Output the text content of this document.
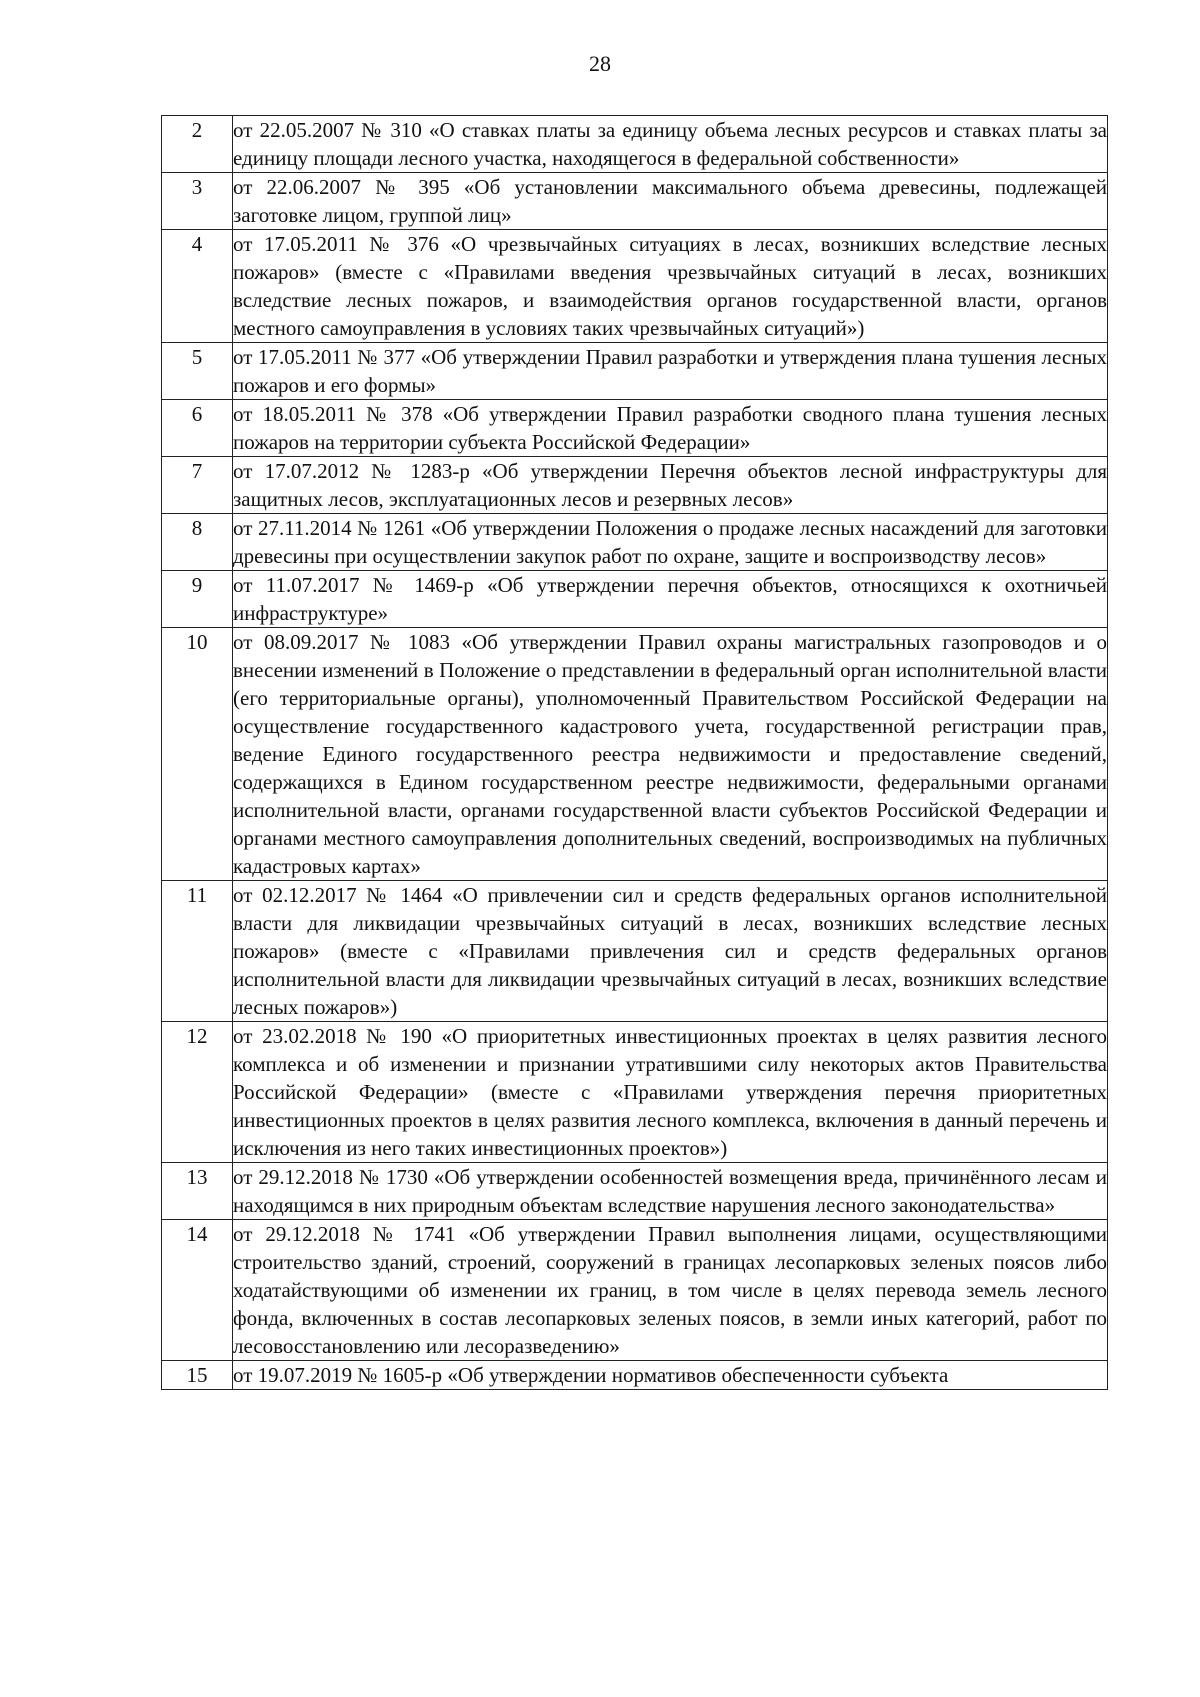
28
2	от 22.05.2007 № 310 «О ставках платы за единицу объема лесных ресурсов и ставках платы за единицу площади лесного участка, находящегося в федеральной собственности»
3	от 22.06.2007 № 395 «Об установлении максимального объема древесины, подлежащей заготовке лицом, группой лиц»
4	от 17.05.2011 № 376 «О чрезвычайных ситуациях в лесах, возникших вследствие лесных пожаров» (вместе с «Правилами введения чрезвычайных ситуаций в лесах, возникших вследствие лесных пожаров, и взаимодействия органов государственной власти, органов местного самоуправления в условиях таких чрезвычайных ситуаций»)
5	от 17.05.2011 № 377 «Об утверждении Правил разработки и утверждения плана тушения лесных пожаров и его формы»
6	от 18.05.2011 № 378 «Об утверждении Правил разработки сводного плана тушения лесных пожаров на территории субъекта Российской Федерации»
7	от 17.07.2012 № 1283-р «Об утверждении Перечня объектов лесной инфраструктуры для защитных лесов, эксплуатационных лесов и резервных лесов»
8	от 27.11.2014 № 1261 «Об утверждении Положения о продаже лесных насаждений для заготовки древесины при осуществлении закупок работ по охране, защите и воспроизводству лесов»
9	от 11.07.2017 № 1469-р «Об утверждении перечня объектов, относящихся к охотничьей инфраструктуре»
10	от 08.09.2017 № 1083 «Об утверждении Правил охраны магистральных газопроводов и о внесении изменений в Положение о представлении в федеральный орган исполнительной власти (его территориальные органы), уполномоченный Правительством Российской Федерации на осуществление государственного кадастрового учета, государственной регистрации прав, ведение Единого государственного реестра недвижимости и предоставление сведений, содержащихся в Едином государственном реестре недвижимости, федеральными органами исполнительной власти, органами государственной власти субъектов Российской Федерации и органами местного самоуправления дополнительных сведений, воспроизводимых на публичных кадастровых картах»
11	от 02.12.2017 № 1464 «О привлечении сил и средств федеральных органов исполнительной власти для ликвидации чрезвычайных ситуаций в лесах, возникших вследствие лесных пожаров» (вместе с «Правилами привлечения сил и средств федеральных органов исполнительной власти для ликвидации чрезвычайных ситуаций в лесах, возникших вследствие лесных пожаров»)
12	от 23.02.2018 № 190 «О приоритетных инвестиционных проектах в целях развития лесного комплекса и об изменении и признании утратившими силу некоторых актов Правительства Российской Федерации» (вместе с «Правилами утверждения перечня приоритетных инвестиционных проектов в целях развития лесного комплекса, включения в данный перечень и исключения из него таких инвестиционных проектов»)
13	от 29.12.2018 № 1730 «Об утверждении особенностей возмещения вреда, причинённого лесам и находящимся в них природным объектам вследствие нарушения лесного законодательства»
14	от 29.12.2018 № 1741 «Об утверждении Правил выполнения лицами, осуществляющими строительство зданий, строений, сооружений в границах лесопарковых зеленых поясов либо ходатайствующими об изменении их границ, в том числе в целях перевода земель лесного фонда, включенных в состав лесопарковых зеленых поясов, в земли иных категорий, работ по лесовосстановлению или лесоразведению»
15	от 19.07.2019 № 1605-р «Об утверждении нормативов обеспеченности субъекта
